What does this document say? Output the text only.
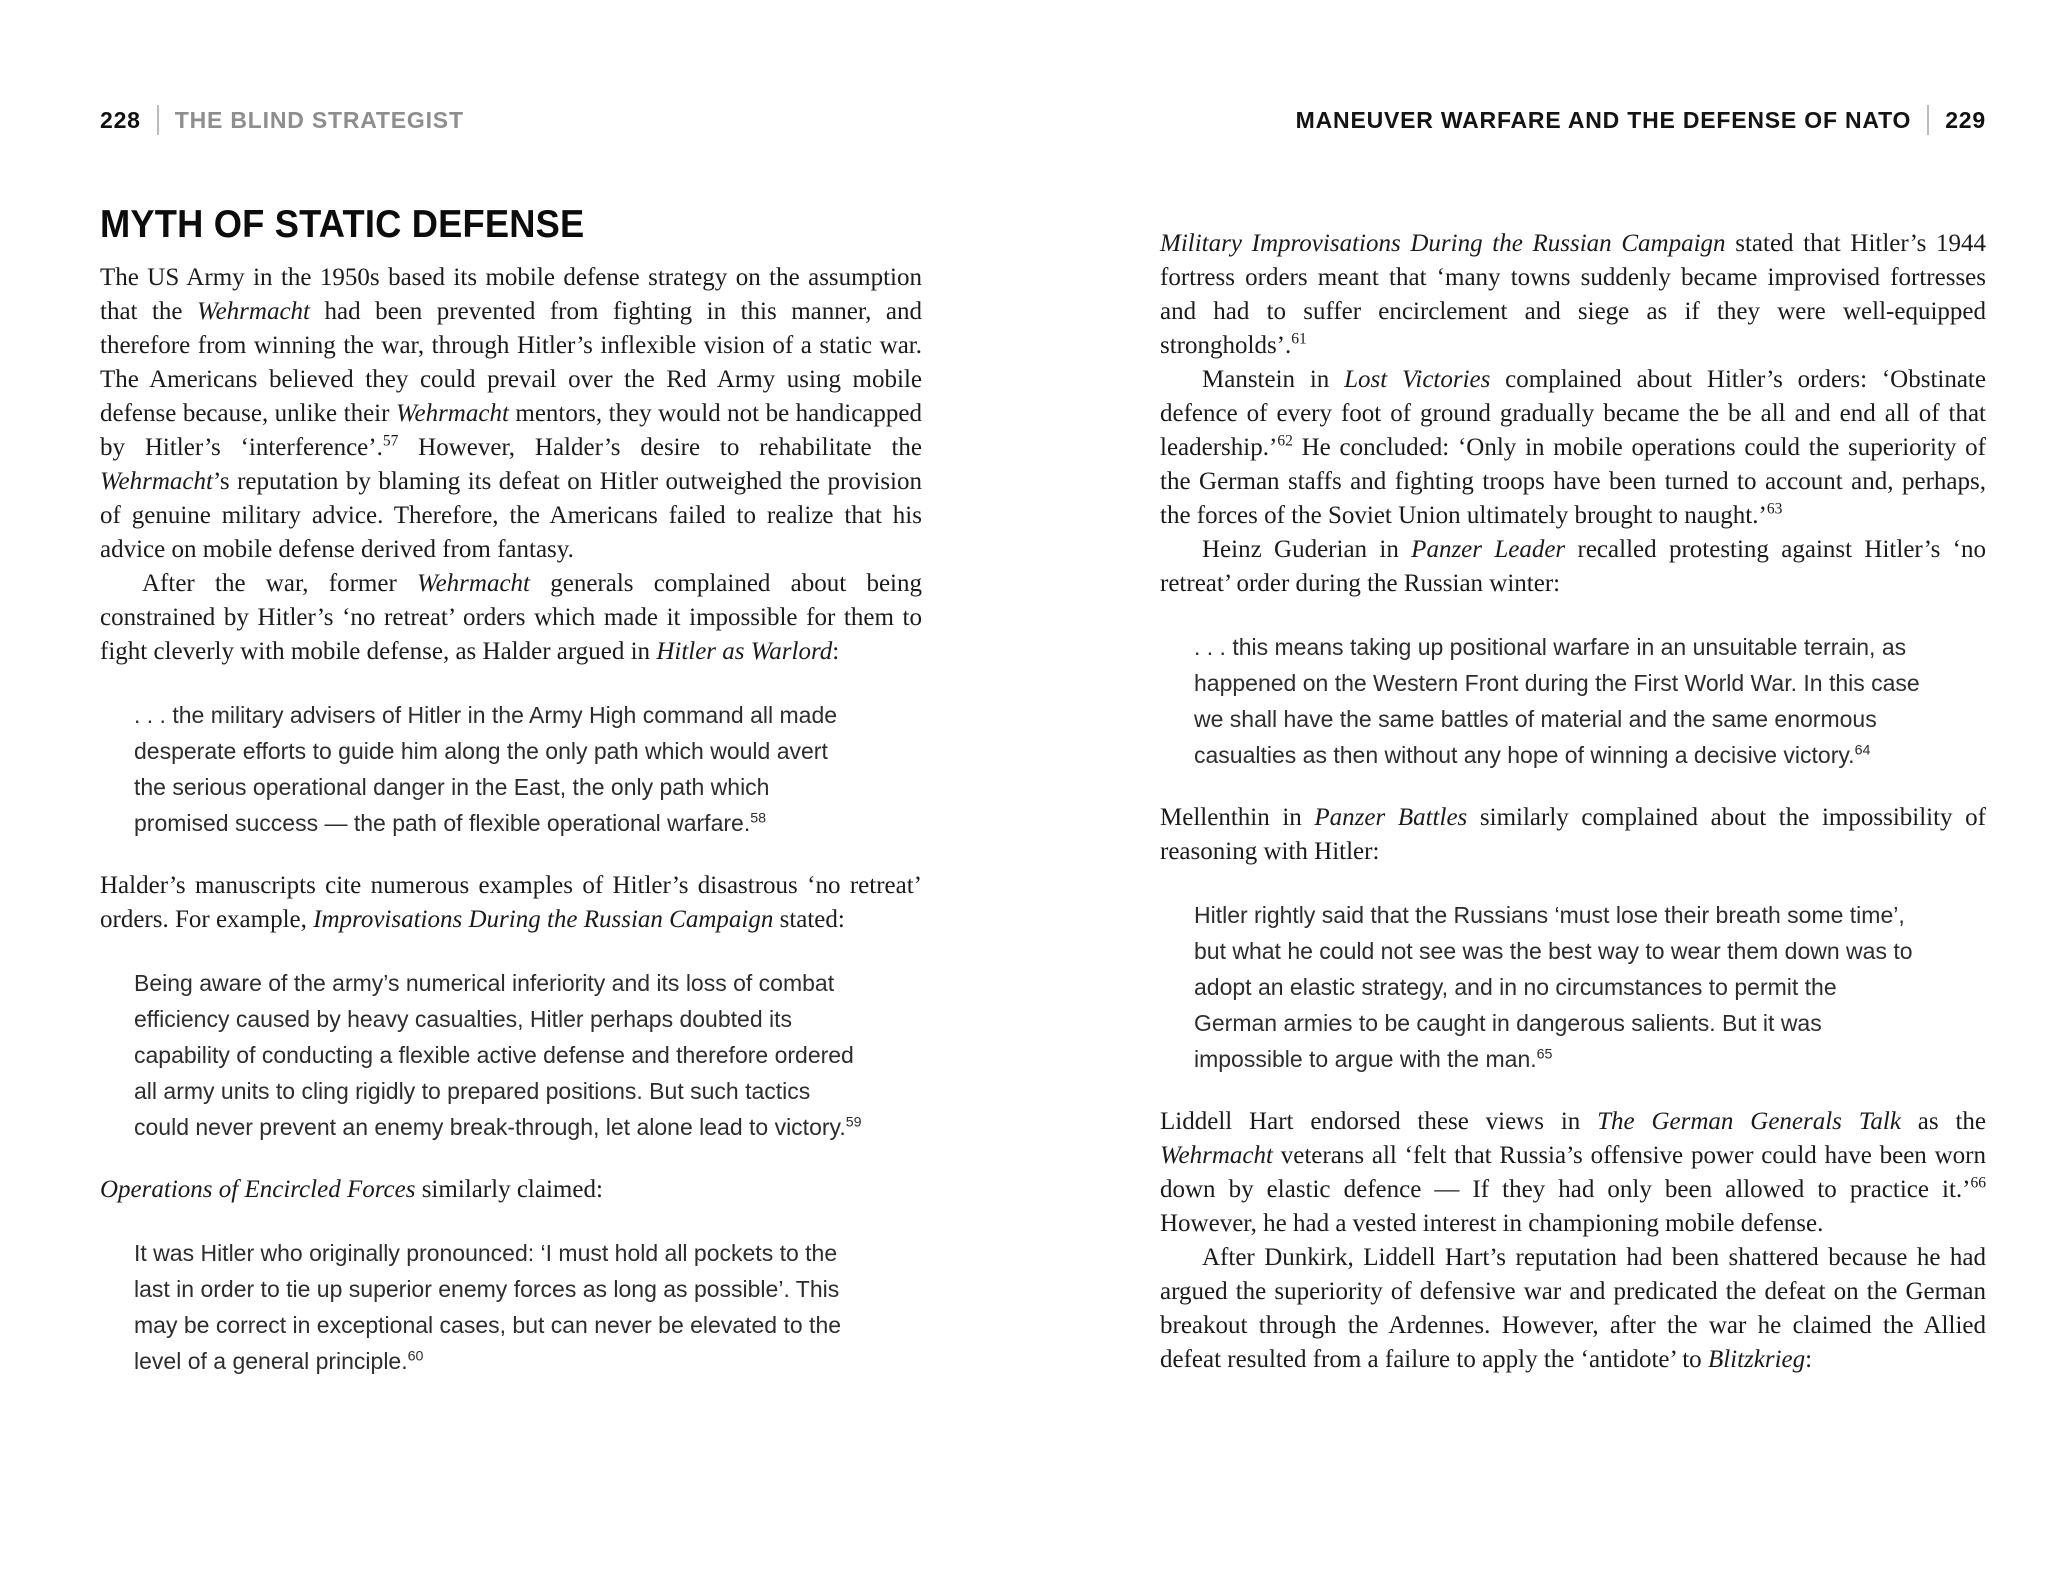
228 THE BLIND STRATEGIST
MYTH OF STATIC DEFENSE

The US Army in the 1950s based its mobile defense strategy on the assumption that the Wehrmacht had been prevented from fighting in this manner, and therefore from winning the war, through Hitler’s inflexible vision of a static war. The Americans believed they could prevail over the Red Army using mobile defense because, unlike their Wehrmacht mentors, they would not be handicapped by Hitler’s ‘interference’.$^{57}$ However, Halder’s desire to rehabilitate the Wehrmacht’s reputation by blaming its defeat on Hitler outweighed the provision of genuine military advice. Therefore, the Americans failed to realize that his advice on mobile defense derived from fantasy.

After the war, former Wehrmacht generals complained about being constrained by Hitler’s ‘no retreat’ orders which made it impossible for them to fight cleverly with mobile defense, as Halder argued in Hitler as Warlord:

. . . the military advisers of Hitler in the Army High command all made desperate efforts to guide him along the only path which would avert the serious operational danger in the East, the only path which promised success — the path of flexible operational warfare.$^{58}$

Halder’s manuscripts cite numerous examples of Hitler’s disastrous ‘no retreat’ orders. For example, Improvisations During the Russian Campaign stated:

Being aware of the army’s numerical inferiority and its loss of combat efficiency caused by heavy casualties, Hitler perhaps doubted its capability of conducting a flexible active defense and therefore ordered all army units to cling rigidly to prepared positions. But such tactics could never prevent an enemy break-through, let alone lead to victory.$^{59}$

Operations of Encircled Forces similarly claimed:

It was Hitler who originally pronounced: ‘I must hold all pockets to the last in order to tie up superior enemy forces as long as possible’. This may be correct in exceptional cases, but can never be elevated to the level of a general principle.$^{60}$

MANEUVER WARFARE AND THE DEFENSE OF NATO 229

Military Improvisations During the Russian Campaign stated that Hitler’s 1944 fortress orders meant that ‘many towns suddenly became improvised fortresses and had to suffer encirclement and siege as if they were well-equipped strongholds’.$^{61}$

Manstein in Lost Victories complained about Hitler’s orders: ‘Obstinate defence of every foot of ground gradually became the be all and end all of that leadership.’$^{62}$ He concluded: ‘Only in mobile operations could the superiority of the German staffs and fighting troops have been turned to account and, perhaps, the forces of the Soviet Union ultimately brought to naught.’$^{63}$

Heinz Guderian in Panzer Leader recalled protesting against Hitler’s ‘no retreat’ order during the Russian winter:

. . . this means taking up positional warfare in an unsuitable terrain, as happened on the Western Front during the First World War. In this case we shall have the same battles of material and the same enormous casualties as then without any hope of winning a decisive victory.$^{64}$

Mellenthin in Panzer Battles similarly complained about the impossibility of reasoning with Hitler:

Hitler rightly said that the Russians ‘must lose their breath some time’, but what he could not see was the best way to wear them down was to adopt an elastic strategy, and in no circumstances to permit the German armies to be caught in dangerous salients. But it was impossible to argue with the man.$^{65}$

Liddell Hart endorsed these views in The German Generals Talk as the Wehrmacht veterans all ‘felt that Russia’s offensive power could have been worn down by elastic defence — If they had only been allowed to practice it.’$^{66}$ However, he had a vested interest in championing mobile defense.

After Dunkirk, Liddell Hart’s reputation had been shattered because he had argued the superiority of defensive war and predicated the defeat on the German breakout through the Ardennes. However, after the war he claimed the Allied defeat resulted from a failure to apply the ‘antidote’ to Blitzkrieg:
